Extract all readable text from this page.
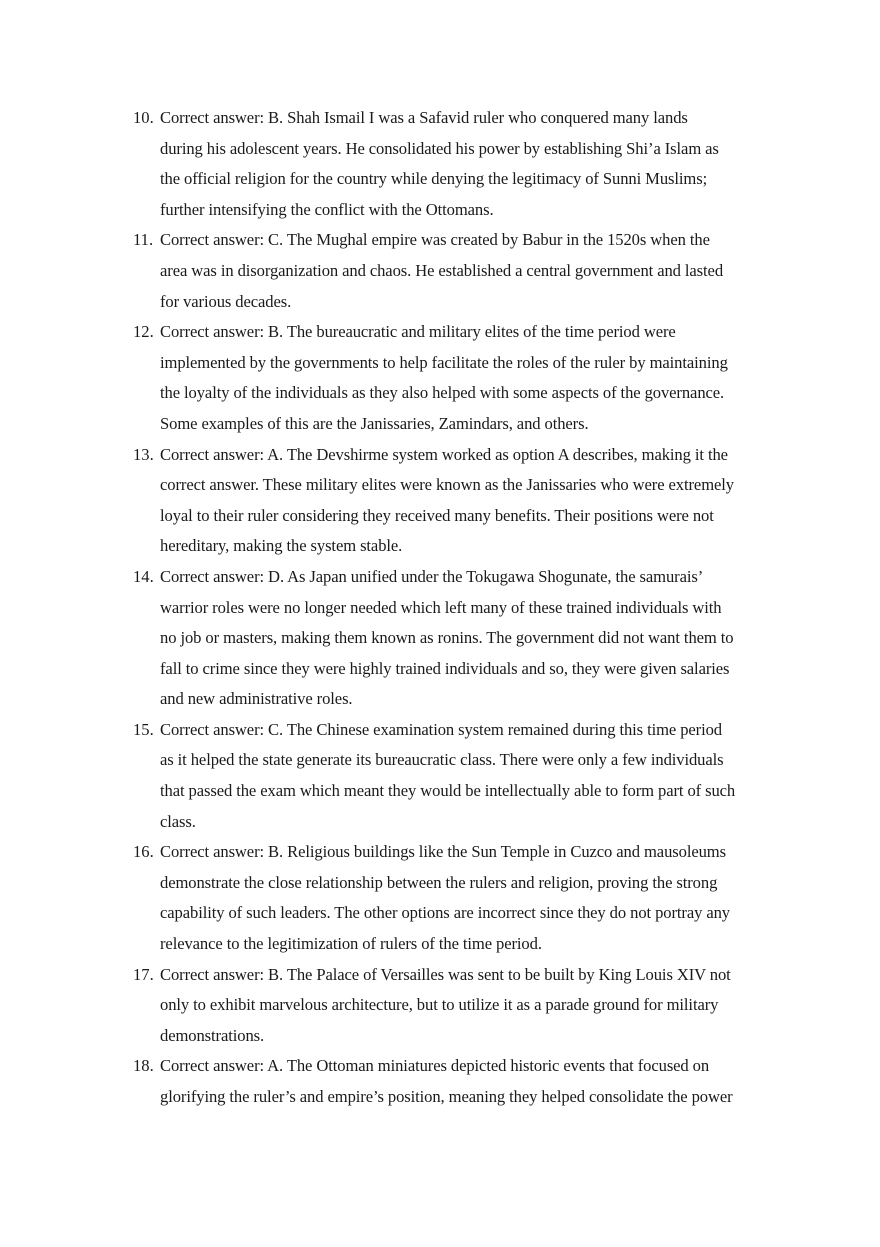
10. Correct answer: B. Shah Ismail I was a Safavid ruler who conquered many lands
during his adolescent years. He consolidated his power by establishing Shi’a Islam as
the official religion for the country while denying the legitimacy of Sunni Muslims;
further intensifying the conflict with the Ottomans.
11. Correct answer: C. The Mughal empire was created by Babur in the 1520s when the
area was in disorganization and chaos. He established a central government and lasted
for various decades.
12. Correct answer: B. The bureaucratic and military elites of the time period were
implemented by the governments to help facilitate the roles of the ruler by maintaining
the loyalty of the individuals as they also helped with some aspects of the governance.
Some examples of this are the Janissaries, Zamindars, and others.
13. Correct answer: A. The Devshirme system worked as option A describes, making it the
correct answer. These military elites were known as the Janissaries who were extremely
loyal to their ruler considering they received many benefits. Their positions were not
hereditary, making the system stable.
14. Correct answer: D. As Japan unified under the Tokugawa Shogunate, the samurais’
warrior roles were no longer needed which left many of these trained individuals with
no job or masters, making them known as ronins. The government did not want them to
fall to crime since they were highly trained individuals and so, they were given salaries
and new administrative roles.
15. Correct answer: C. The Chinese examination system remained during this time period
as it helped the state generate its bureaucratic class. There were only a few individuals
that passed the exam which meant they would be intellectually able to form part of such
class.
16. Correct answer: B. Religious buildings like the Sun Temple in Cuzco and mausoleums
demonstrate the close relationship between the rulers and religion, proving the strong
capability of such leaders. The other options are incorrect since they do not portray any
relevance to the legitimization of rulers of the time period.
17. Correct answer: B. The Palace of Versailles was sent to be built by King Louis XIV not
only to exhibit marvelous architecture, but to utilize it as a parade ground for military
demonstrations.
18. Correct answer: A. The Ottoman miniatures depicted historic events that focused on
glorifying the ruler’s and empire’s position, meaning they helped consolidate the power
